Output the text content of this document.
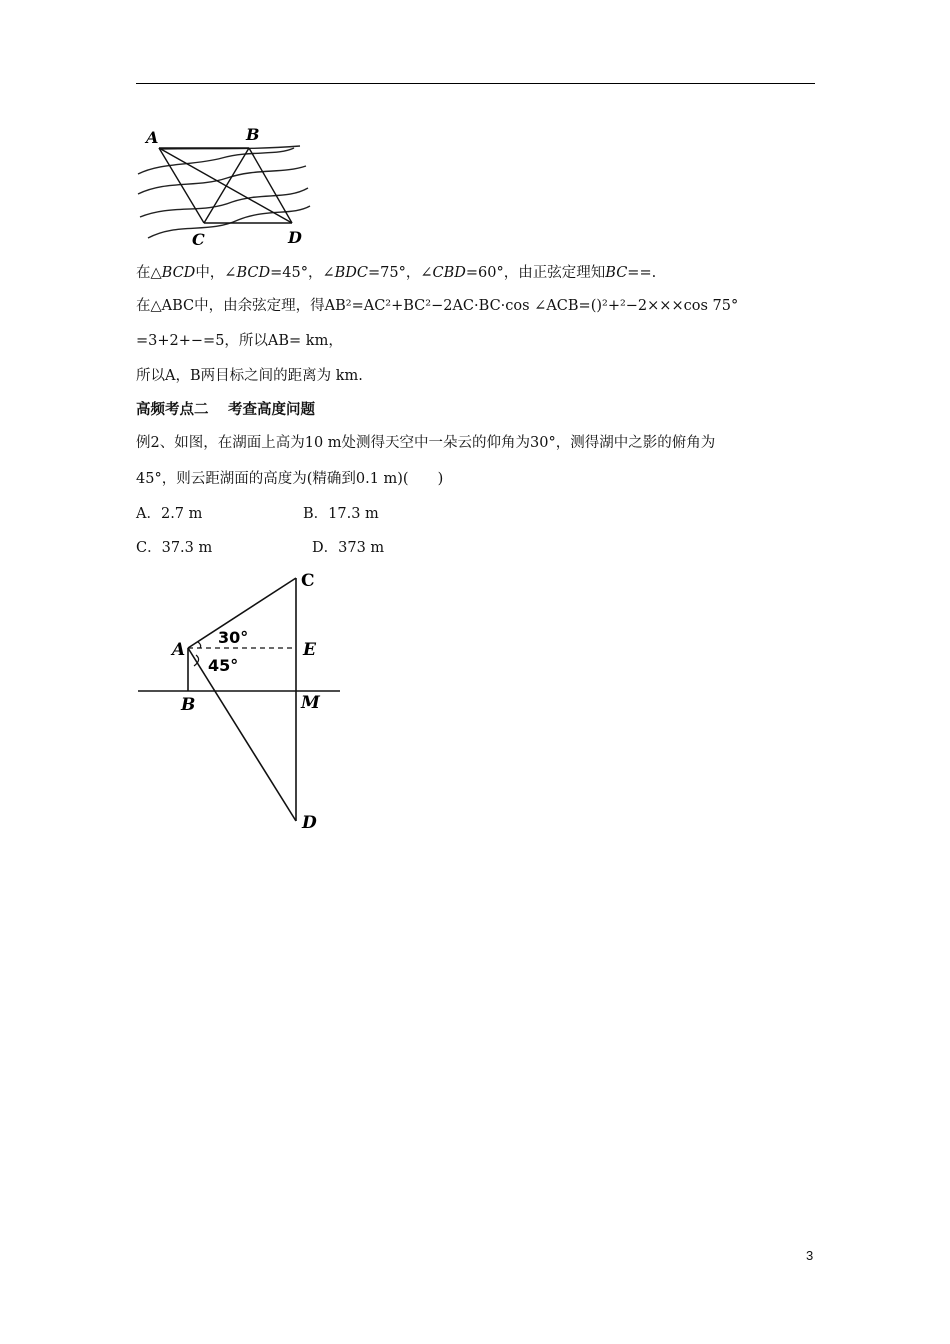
A	B
C	D
在△BCD中，∠BCD=45°，∠BDC=75°，∠CBD=60°，由正弦定理知BC==.
在△ABC中，由余弦定理，得AB²=AC²+BC²−2AC·BC·cos ∠ACB=()²+²−2×××cos 75°
=3+2+−=5，所以AB= km，
所以A，B两目标之间的距离为 km.
高频考点二　 考查高度问题
例2、如图，在湖面上高为10 m处测得天空中一朵云的仰角为30°，测得湖中之影的俯角为
45°，则云距湖面的高度为(精确到0.1 m)(　　)
A．2.7 m	B．17.3 m
C．37.3 m	D．373 m
C
A	E
B	M
D
30°
45°
3
